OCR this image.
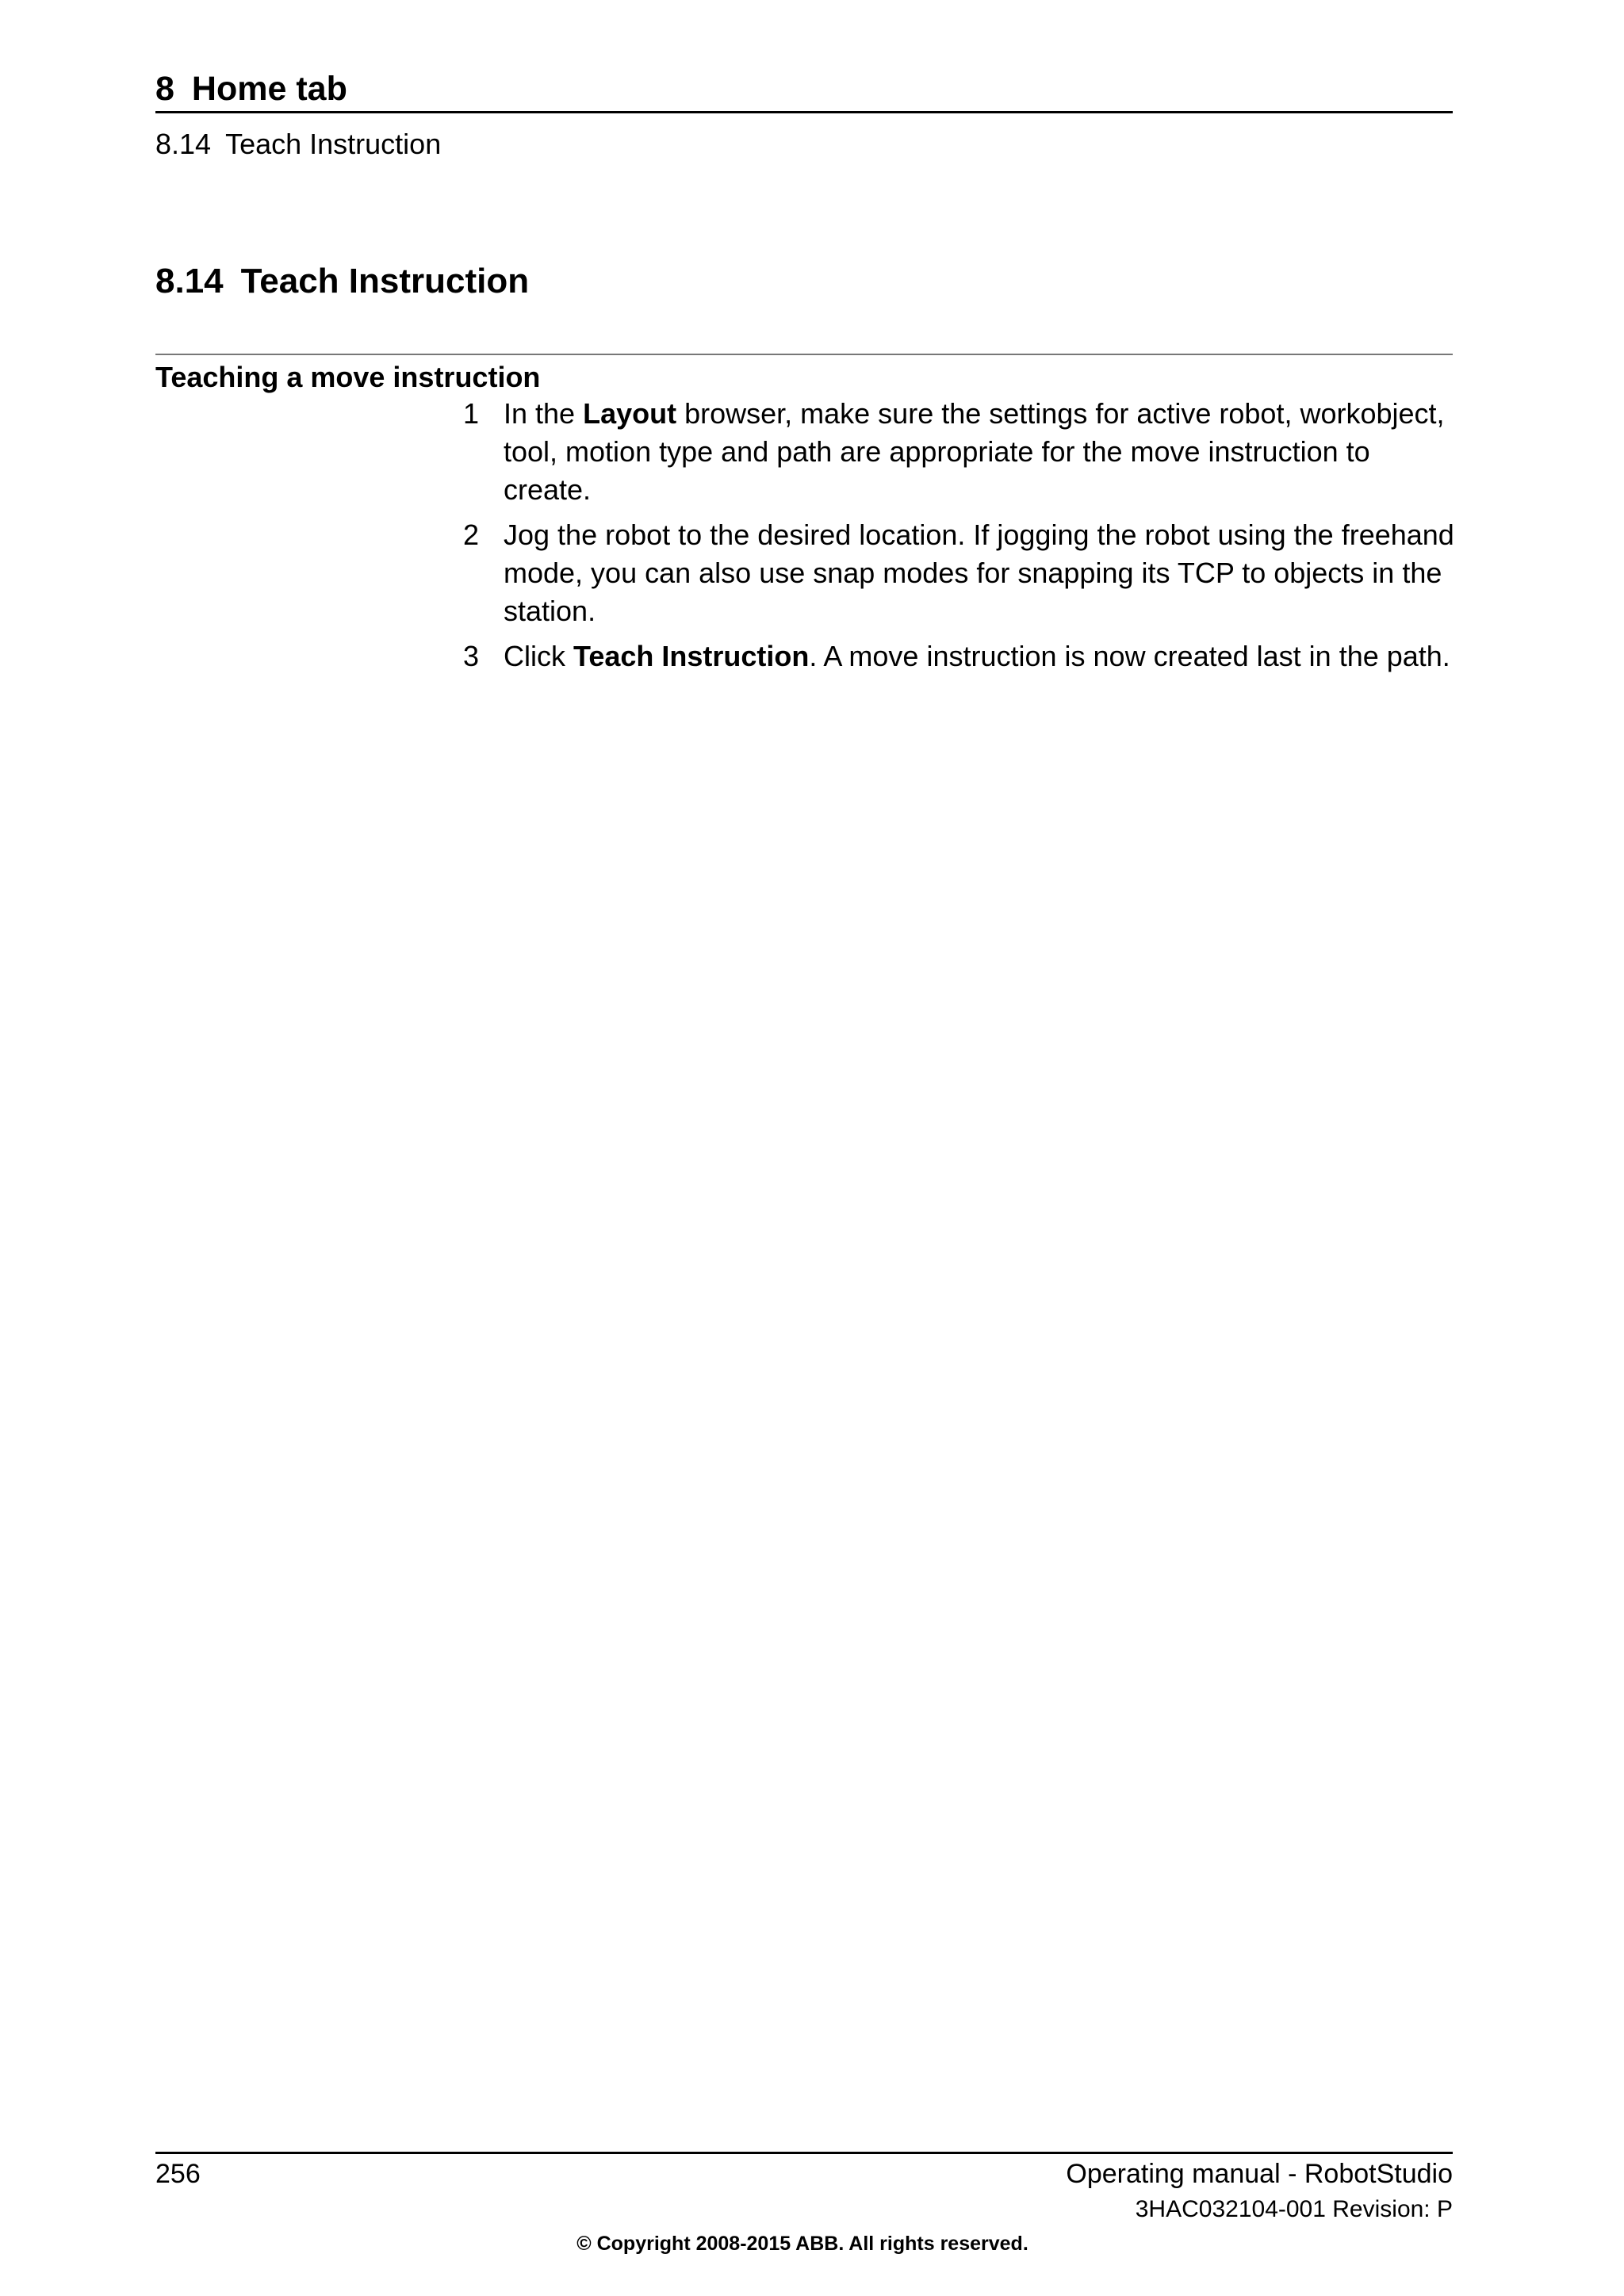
8 Home tab
8.14 Teach Instruction
8.14 Teach Instruction
Teaching a move instruction
1 In the Layout browser, make sure the settings for active robot, workobject, tool, motion type and path are appropriate for the move instruction to create.
2 Jog the robot to the desired location. If jogging the robot using the freehand mode, you can also use snap modes for snapping its TCP to objects in the station.
3 Click Teach Instruction. A move instruction is now created last in the path.
256	Operating manual - RobotStudio
3HAC032104-001 Revision: P
© Copyright 2008-2015 ABB. All rights reserved.
